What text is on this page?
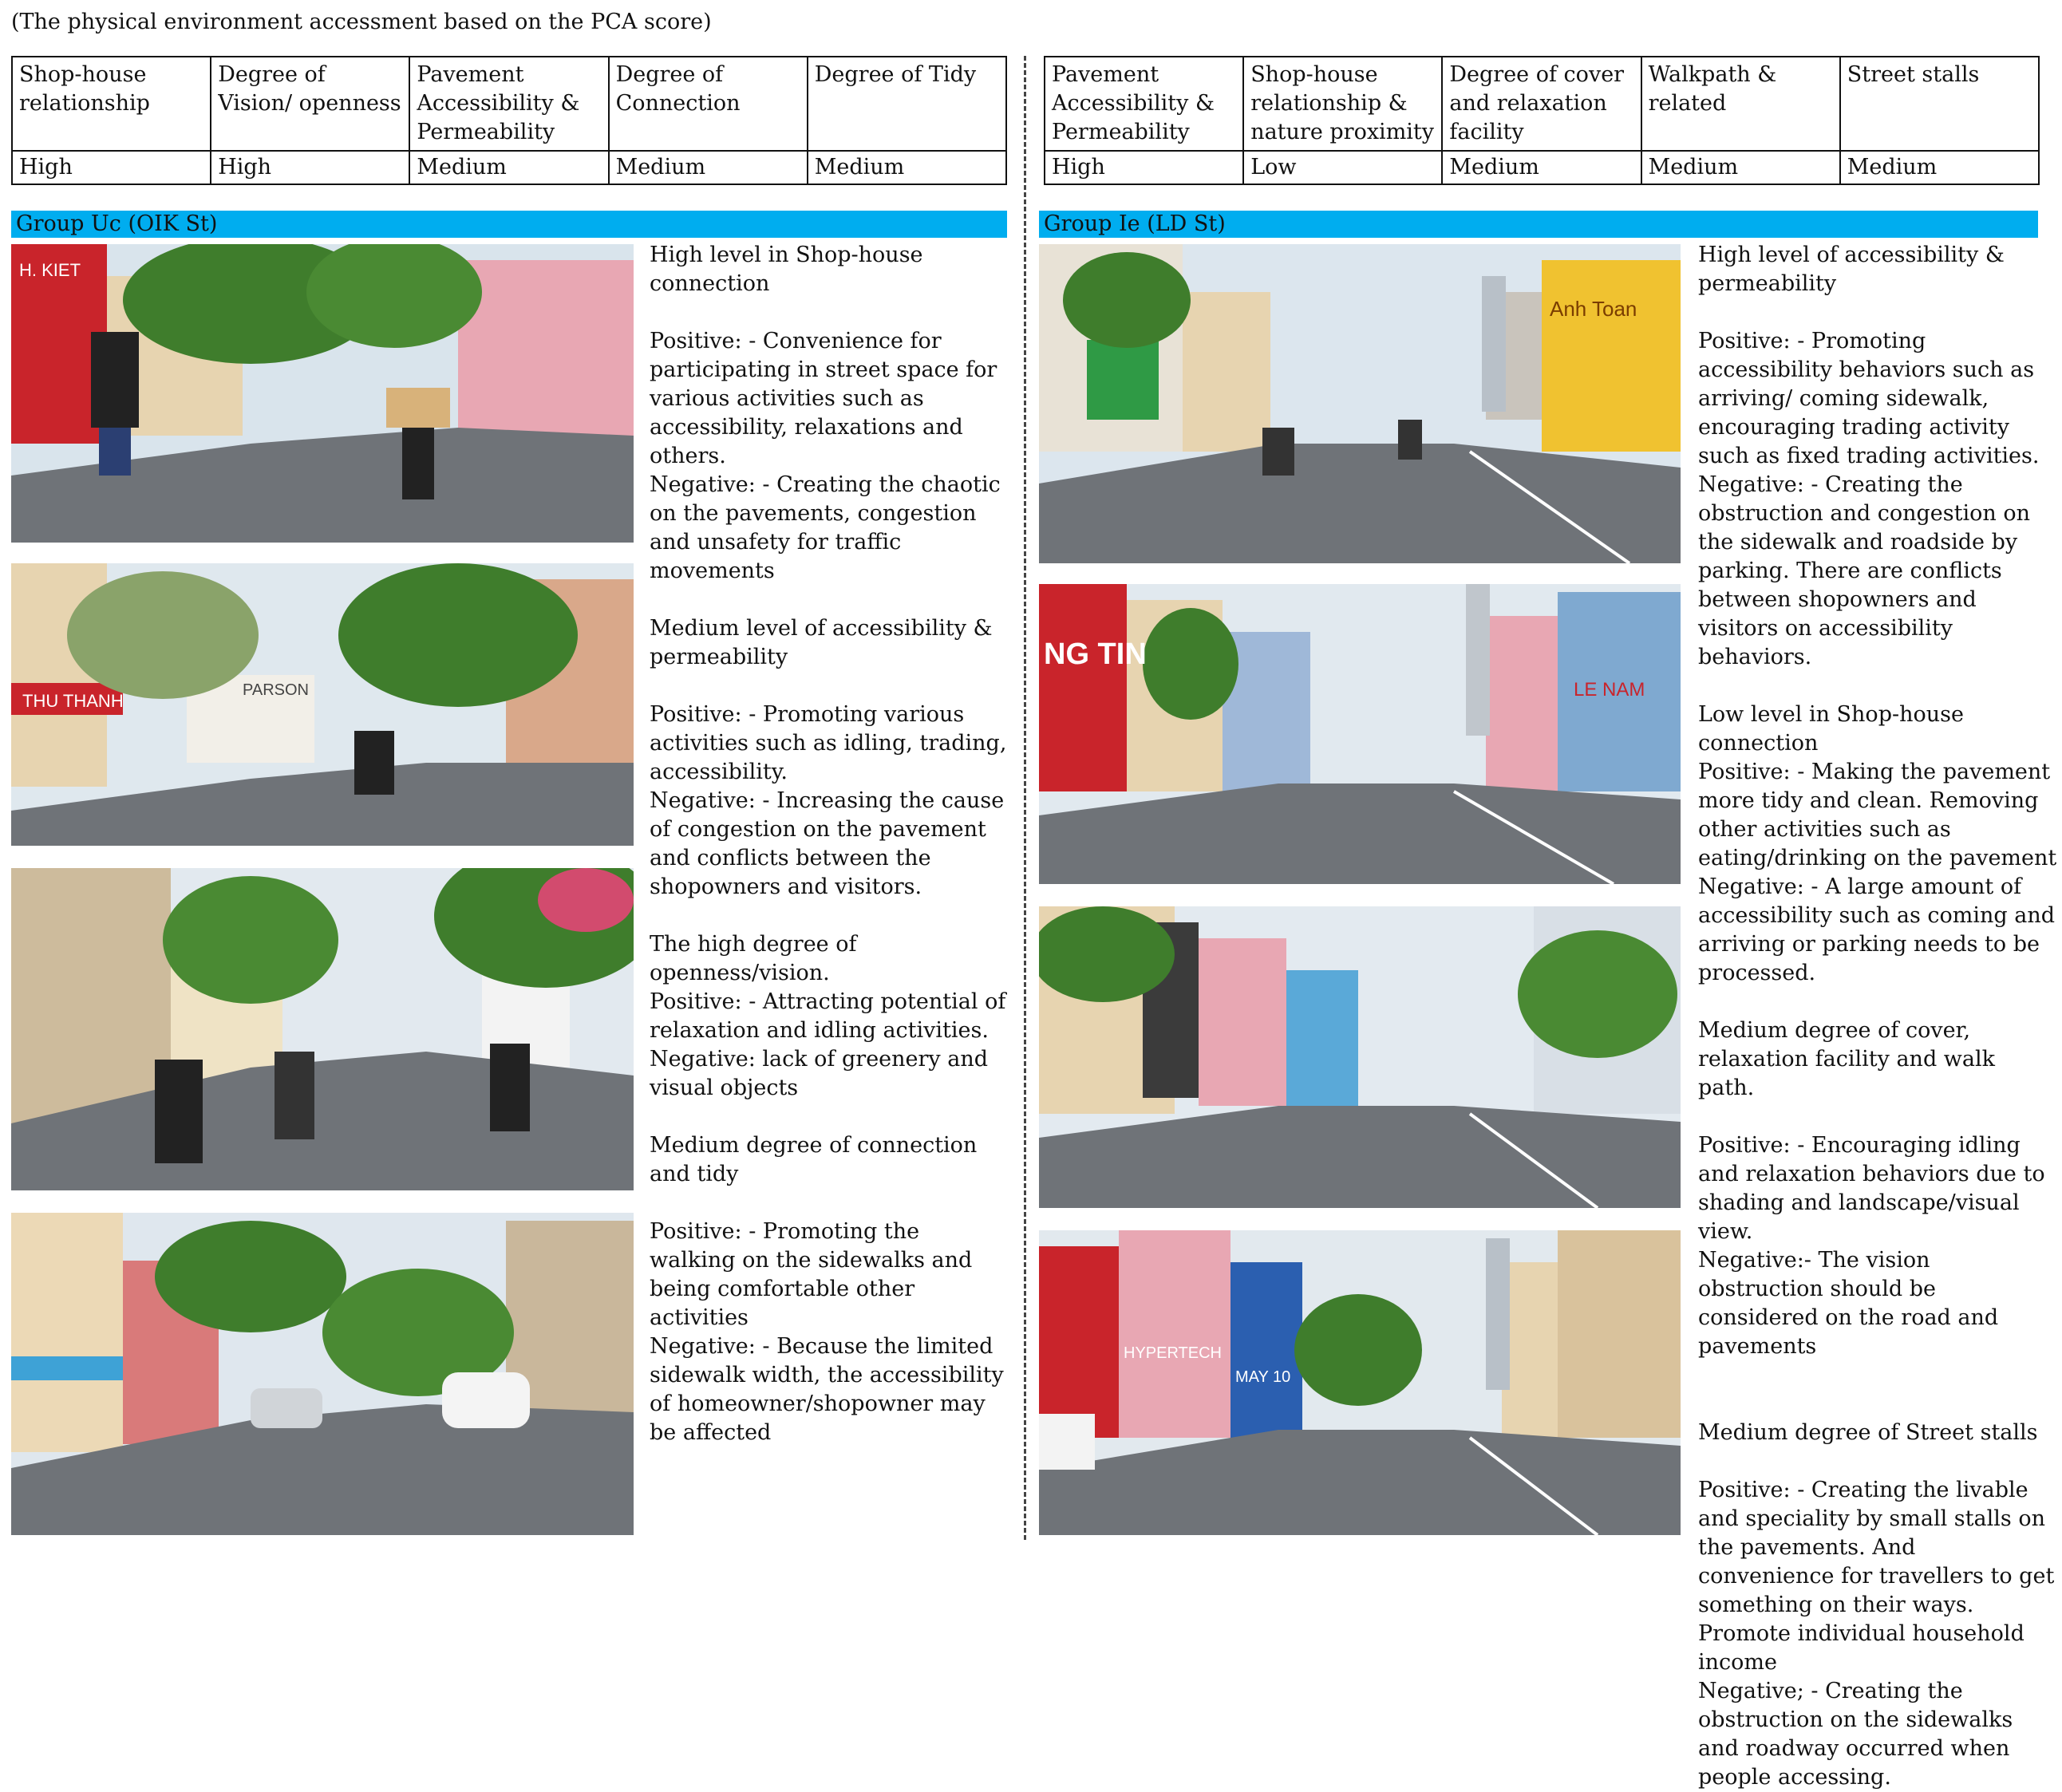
(The physical environment accessment based on the PCA score)
Shop-house relationship	Degree of Vision/ openness	Pavement Accessibility & Permeability	Degree of Connection	Degree of Tidy
High	High	Medium	Medium	Medium
Pavement Accessibility & Permeability	Shop-house relationship & nature proximity	Degree of cover and relaxation facility	Walkpath & related	Street stalls
High	Low	Medium	Medium	Medium
Group Uc (OIK St)	Group Ie (LD St)
H. KIET
THU THANH
PARSON
Anh Toan
NG TIN
LE NAM
HYPERTECH
MAY 10

High level in Shop-house connection

Positive: - Convenience for participating in street space for various activities such as accessibility, relaxations and others.

Negative: - Creating the chaotic on the pavements, congestion and unsafety for traffic movements

Medium level of accessibility & permeability

Positive: - Promoting various activities such as idling, trading, accessibility.

Negative: - Increasing the cause of congestion on the pavement and conflicts between the shopowners and visitors.

The high degree of openness/vision.

Positive: - Attracting potential of relaxation and idling activities.

Negative: lack of greenery and visual objects

Medium degree of connection and tidy

Positive: - Promoting the walking on the sidewalks and being comfortable other activities

Negative: - Because the limited sidewalk width, the accessibility of homeowner/shopowner may be affected

High level of accessibility & permeability

Positive: - Promoting accessibility behaviors such as arriving/ coming sidewalk, encouraging trading activity such as fixed trading activities.

Negative: - Creating the obstruction and congestion on the sidewalk and roadside by parking. There are conflicts between shopowners and visitors on accessibility behaviors.

Low level in Shop-house connection

Positive: - Making the pavement more tidy and clean. Removing other activities such as eating/drinking on the pavement

Negative: - A large amount of accessibility such as coming and arriving or parking needs to be processed.

Medium degree of cover, relaxation facility and walk path.

Positive: - Encouraging idling and relaxation behaviors due to shading and landscape/visual view.

Negative:- The vision obstruction should be considered on the road and pavements

Medium degree of Street stalls

Positive: - Creating the livable and speciality by small stalls on the pavements. And convenience for travellers to get something on their ways. Promote individual household income

Negative; - Creating the obstruction on the sidewalks and roadway occurred when people accessing.
